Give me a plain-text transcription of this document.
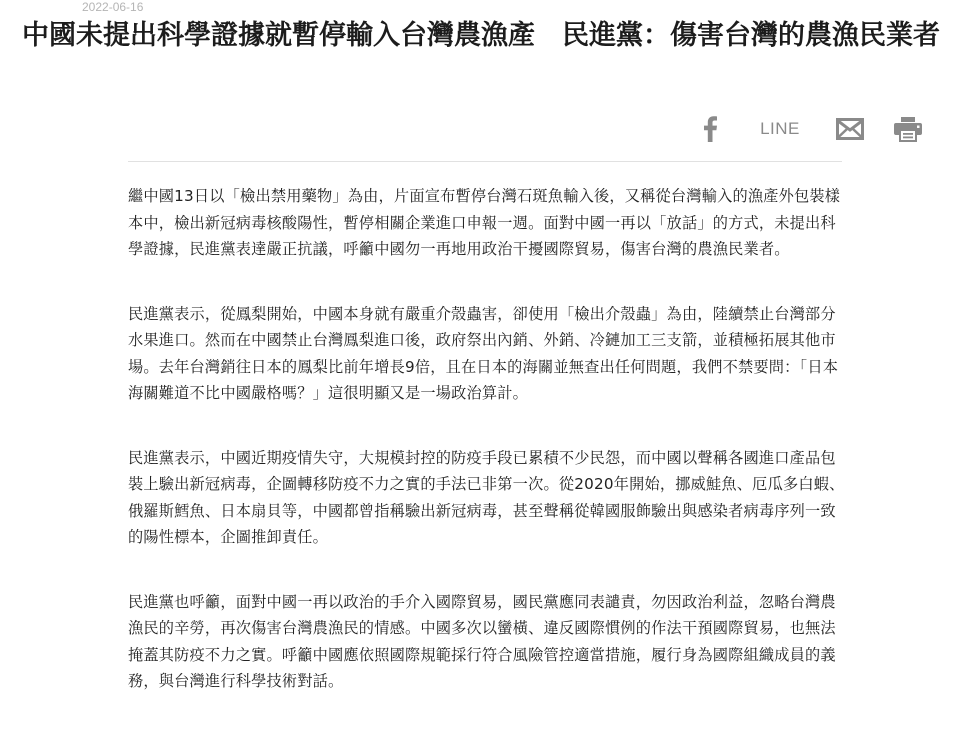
2022-06-16
中國未提出科學證據就暫停輸入台灣農漁產　民進黨：傷害台灣的農漁民業者
LINE

繼中國13日以「檢出禁用藥物」為由，片面宣布暫停台灣石斑魚輸入後，又稱從台灣輸入的漁產外包裝樣本中，檢出新冠病毒核酸陽性，暫停相關企業進口申報一週。面對中國一再以「放話」的方式，未提出科學證據，民進黨表達嚴正抗議，呼籲中國勿一再地用政治干擾國際貿易，傷害台灣的農漁民業者。

民進黨表示，從鳳梨開始，中國本身就有嚴重介殼蟲害，卻使用「檢出介殼蟲」為由，陸續禁止台灣部分水果進口。然而在中國禁止台灣鳳梨進口後，政府祭出內銷、外銷、冷鏈加工三支箭，並積極拓展其他市場。去年台灣銷往日本的鳳梨比前年增長9倍，且在日本的海關並無查出任何問題，我們不禁要問：「日本海關難道不比中國嚴格嗎？」這很明顯又是一場政治算計。

民進黨表示，中國近期疫情失守，大規模封控的防疫手段已累積不少民怨，而中國以聲稱各國進口產品包裝上驗出新冠病毒，企圖轉移防疫不力之實的手法已非第一次。從2020年開始，挪威鮭魚、厄瓜多白蝦、俄羅斯鱈魚、日本扇貝等，中國都曾指稱驗出新冠病毒，甚至聲稱從韓國服飾驗出與感染者病毒序列一致的陽性標本，企圖推卸責任。

民進黨也呼籲，面對中國一再以政治的手介入國際貿易，國民黨應同表譴責，勿因政治利益，忽略台灣農漁民的辛勞，再次傷害台灣農漁民的情感。中國多次以蠻橫、違反國際慣例的作法干預國際貿易，也無法掩蓋其防疫不力之實。呼籲中國應依照國際規範採行符合風險管控適當措施，履行身為國際組織成員的義務，與台灣進行科學技術對話。
